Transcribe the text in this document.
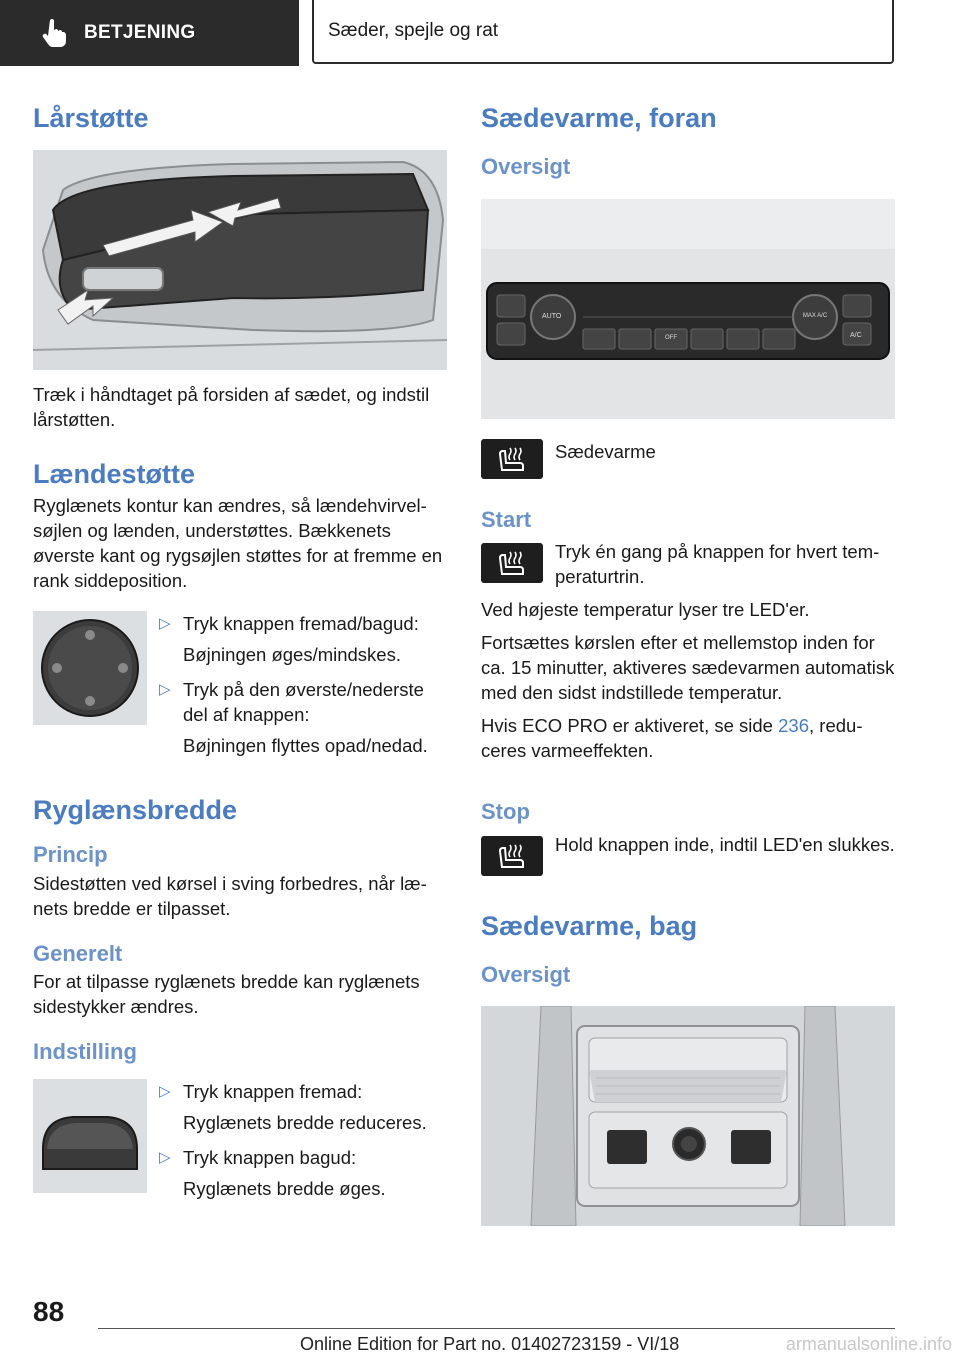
BETJENING	Sæder, spejle og rat
Lårstøtte

Træk i håndtaget på forsiden af sædet, og indstil lårstøtten.

Lændestøtte

Ryglænets kontur kan ændres, så lændehvirvelsøjlen og lænden, understøttes. Bækkenets øverste kant og rygsøjlen støttes for at fremme en rank siddeposition.

▷ Tryk knappen fremad/bagud:
Bøjningen øges/mindskes.
▷ Tryk på den øverste/nederste del af knappen:
Bøjningen flyttes opad/nedad.
Ryglænsbredde
Princip

Sidestøtten ved kørsel i sving forbedres, når lænets bredde er tilpasset.

Generelt

For at tilpasse ryglænets bredde kan ryglænets sidestykker ændres.

Indstilling
▷ Tryk knappen fremad:
Ryglænets bredde reduceres.
▷ Tryk knappen bagud:
Ryglænets bredde øges.
Sædevarme, foran
Oversigt
AUTO	MAX A/C
A/C
OFF

Sædevarme

Start

Tryk én gang på knappen for hvert temperaturtrin.

Ved højeste temperatur lyser tre LED'er.

Fortsættes kørslen efter et mellemstop inden for ca. 15 minutter, aktiveres sædevarmen automatisk med den sidst indstillede temperatur.

Hvis ECO PRO er aktiveret, se side 236, reduceres varmeeffekten.

Stop

Hold knappen inde, indtil LED'en slukkes.

Sædevarme, bag
Oversigt
88
Online Edition for Part no. 01402723159 - VI/18	armanualsonline.info
